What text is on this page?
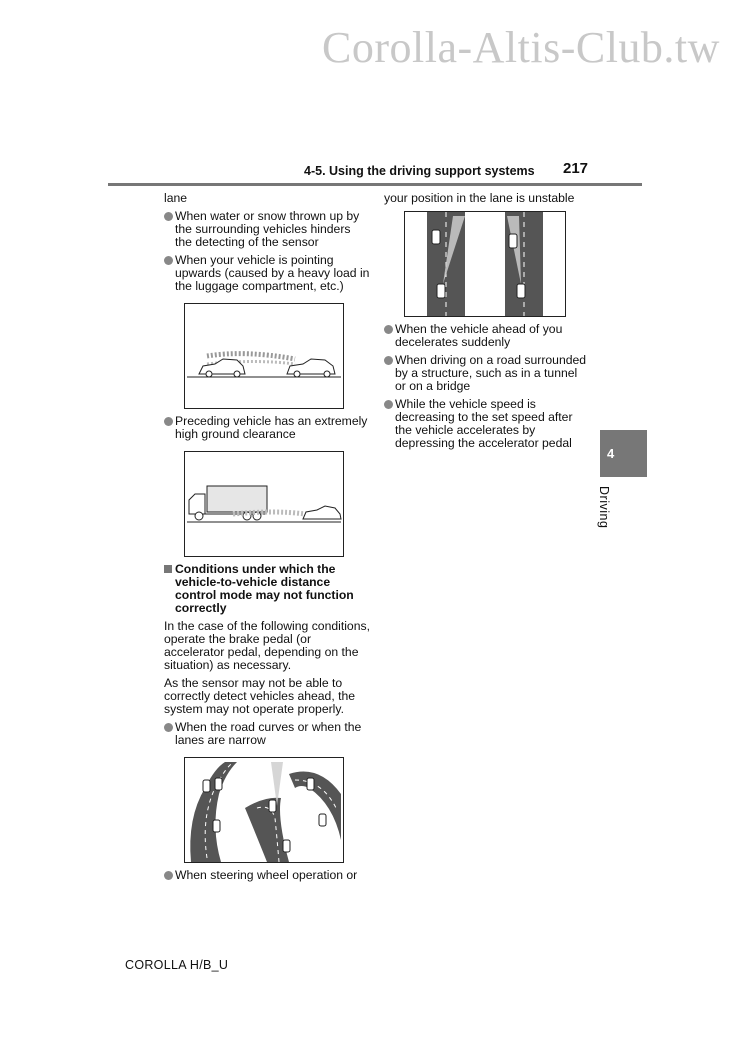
Corolla-Altis-Club.tw
4-5. Using the driving support systems 217

lane

When water or snow thrown up by the surrounding vehicles hinders the detecting of the sensor
When your vehicle is pointing upwards (caused by a heavy load in the luggage compartment, etc.)
Preceding vehicle has an extremely high ground clearance
Conditions under which the vehicle-to-vehicle distance control mode may not function correctly

In the case of the following conditions, operate the brake pedal (or accelerator pedal, depending on the situation) as necessary.

As the sensor may not be able to correctly detect vehicles ahead, the system may not operate properly.

When the road curves or when the lanes are narrow
When steering wheel operation or

your position in the lane is unstable

When the vehicle ahead of you decelerates suddenly
When driving on a road surrounded by a structure, such as in a tunnel or on a bridge
While the vehicle speed is decreasing to the set speed after the vehicle accelerates by depressing the accelerator pedal
4
Driving
COROLLA H/B_U
